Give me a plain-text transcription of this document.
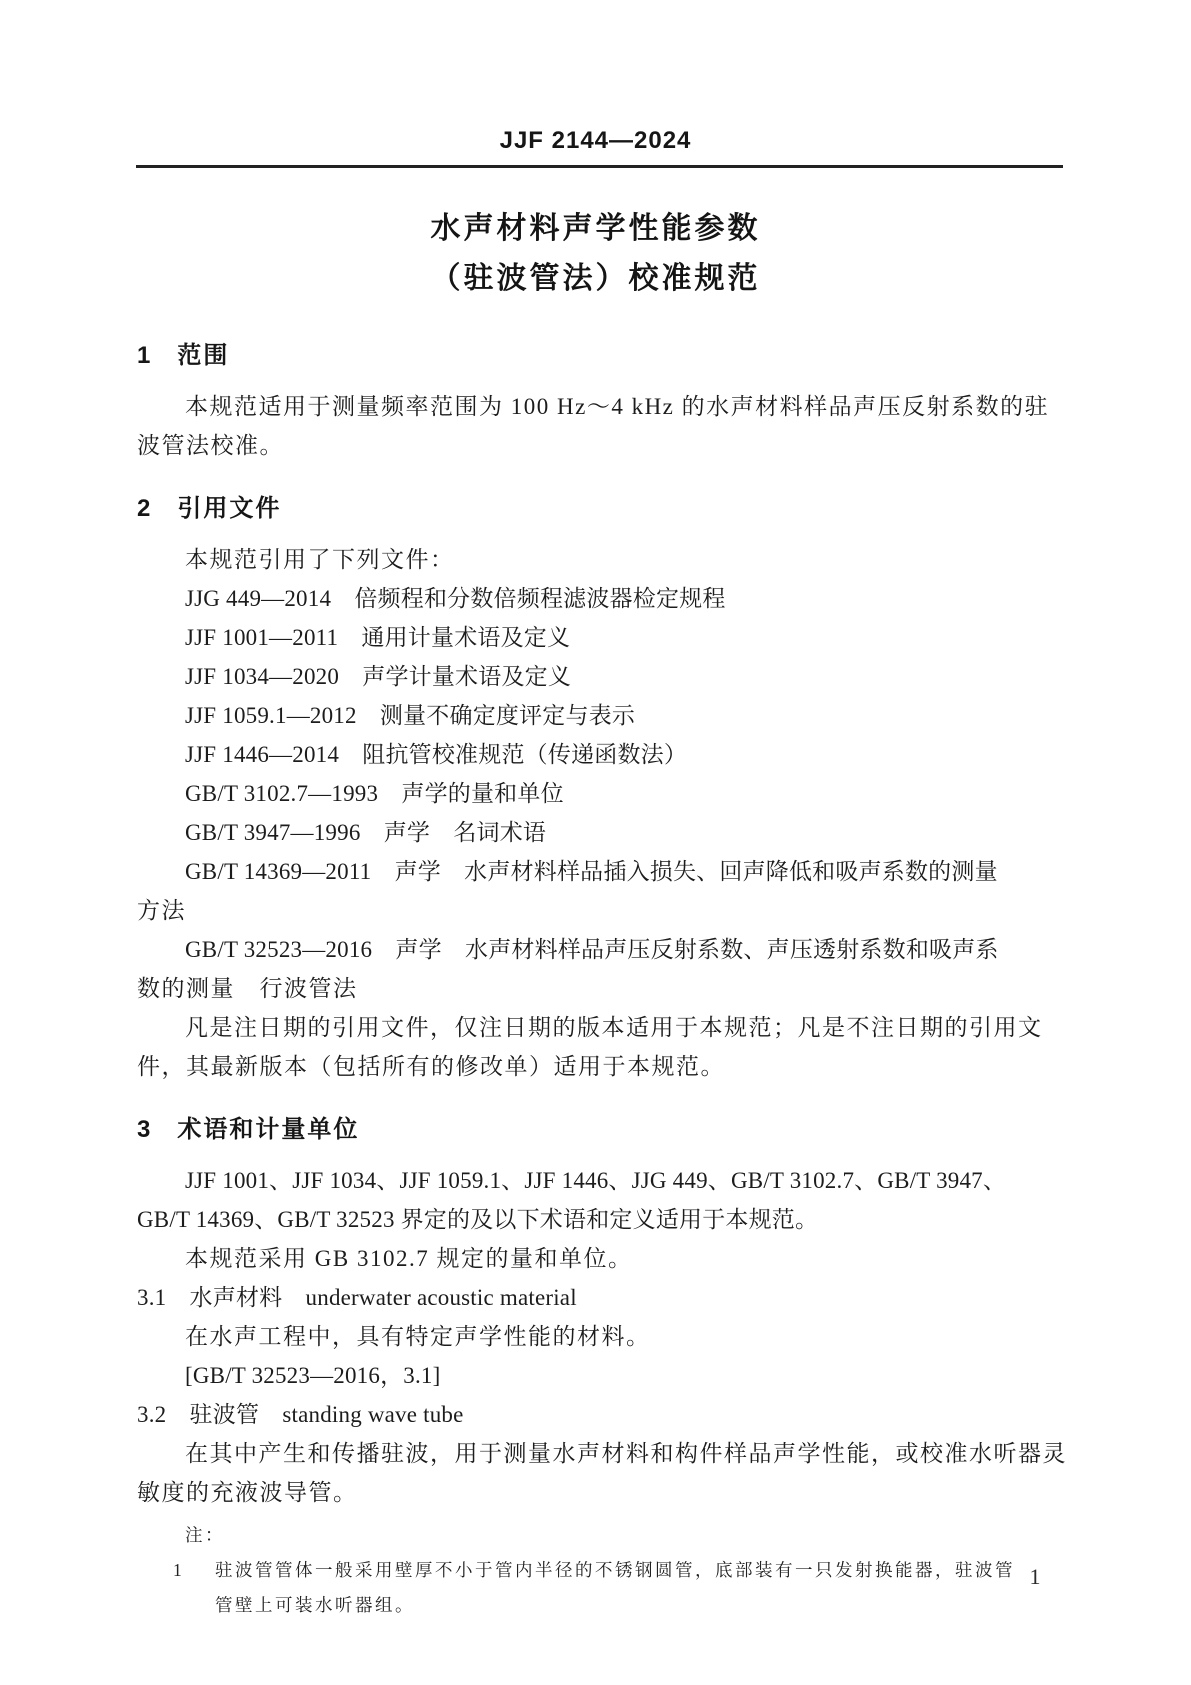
JJF 2144—2024
水声材料声学性能参数
（驻波管法）校准规范
1 范围
本规范适用于测量频率范围为 100 Hz～4 kHz 的水声材料样品声压反射系数的驻
波管法校准。
2 引用文件
本规范引用了下列文件：
JJG 449—2014　倍频程和分数倍频程滤波器检定规程
JJF 1001—2011　通用计量术语及定义
JJF 1034—2020　声学计量术语及定义
JJF 1059.1—2012　测量不确定度评定与表示
JJF 1446—2014　阻抗管校准规范（传递函数法）
GB/T 3102.7—1993　声学的量和单位
GB/T 3947—1996　声学　名词术语
GB/T 14369—2011　声学　水声材料样品插入损失、回声降低和吸声系数的测量
方法
GB/T 32523—2016　声学　水声材料样品声压反射系数、声压透射系数和吸声系
数的测量　行波管法
凡是注日期的引用文件，仅注日期的版本适用于本规范；凡是不注日期的引用文
件，其最新版本（包括所有的修改单）适用于本规范。
3 术语和计量单位
JJF 1001、JJF 1034、JJF 1059.1、JJF 1446、JJG 449、GB/T 3102.7、GB/T 3947、
GB/T 14369、GB/T 32523 界定的及以下术语和定义适用于本规范。
本规范采用 GB 3102.7 规定的量和单位。
3.1　水声材料　underwater acoustic material
在水声工程中，具有特定声学性能的材料。
[GB/T 32523—2016，3.1]
3.2　驻波管　standing wave tube
在其中产生和传播驻波，用于测量水声材料和构件样品声学性能，或校准水听器灵
敏度的充液波导管。
注：
1 驻波管管体一般采用壁厚不小于管内半径的不锈钢圆管，底部装有一只发射换能器，驻波管
管壁上可装水听器组。
1
